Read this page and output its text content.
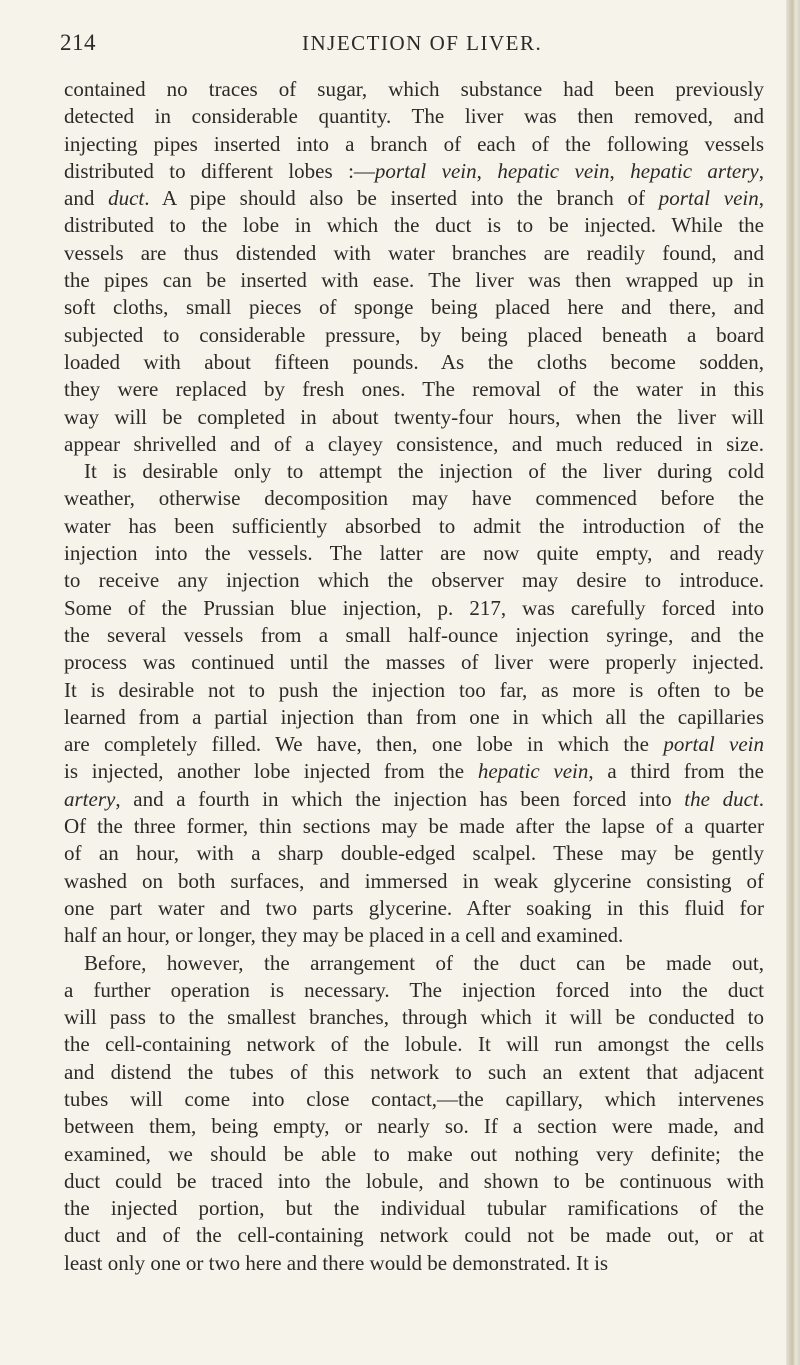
214	INJECTION OF LIVER.
contained no traces of sugar, which substance had been previously
detected in considerable quantity. The liver was then removed, and
injecting pipes inserted into a branch of each of the following vessels
distributed to different lobes :—portal vein, hepatic vein, hepatic artery,
and duct. A pipe should also be inserted into the branch of portal vein,
distributed to the lobe in which the duct is to be injected. While the
vessels are thus distended with water branches are readily found, and
the pipes can be inserted with ease. The liver was then wrapped up in
soft cloths, small pieces of sponge being placed here and there, and
subjected to considerable pressure, by being placed beneath a board
loaded with about fifteen pounds. As the cloths become sodden,
they were replaced by fresh ones. The removal of the water in this
way will be completed in about twenty-four hours, when the liver will
appear shrivelled and of a clayey consistence, and much reduced in size.
It is desirable only to attempt the injection of the liver during cold
weather, otherwise decomposition may have commenced before the
water has been sufficiently absorbed to admit the introduction of the
injection into the vessels. The latter are now quite empty, and ready
to receive any injection which the observer may desire to introduce.
Some of the Prussian blue injection, p. 217, was carefully forced into
the several vessels from a small half-ounce injection syringe, and the
process was continued until the masses of liver were properly injected.
It is desirable not to push the injection too far, as more is often to be
learned from a partial injection than from one in which all the capillaries
are completely filled. We have, then, one lobe in which the portal vein
is injected, another lobe injected from the hepatic vein, a third from the
artery, and a fourth in which the injection has been forced into the duct.
Of the three former, thin sections may be made after the lapse of a quarter
of an hour, with a sharp double-edged scalpel. These may be gently
washed on both surfaces, and immersed in weak glycerine consisting of
one part water and two parts glycerine. After soaking in this fluid for
half an hour, or longer, they may be placed in a cell and examined.
Before, however, the arrangement of the duct can be made out,
a further operation is necessary. The injection forced into the duct
will pass to the smallest branches, through which it will be conducted to
the cell-containing network of the lobule. It will run amongst the cells
and distend the tubes of this network to such an extent that adjacent
tubes will come into close contact,—the capillary, which intervenes
between them, being empty, or nearly so. If a section were made, and
examined, we should be able to make out nothing very definite; the
duct could be traced into the lobule, and shown to be continuous with
the injected portion, but the individual tubular ramifications of the
duct and of the cell-containing network could not be made out, or at
least only one or two here and there would be demonstrated. It is
